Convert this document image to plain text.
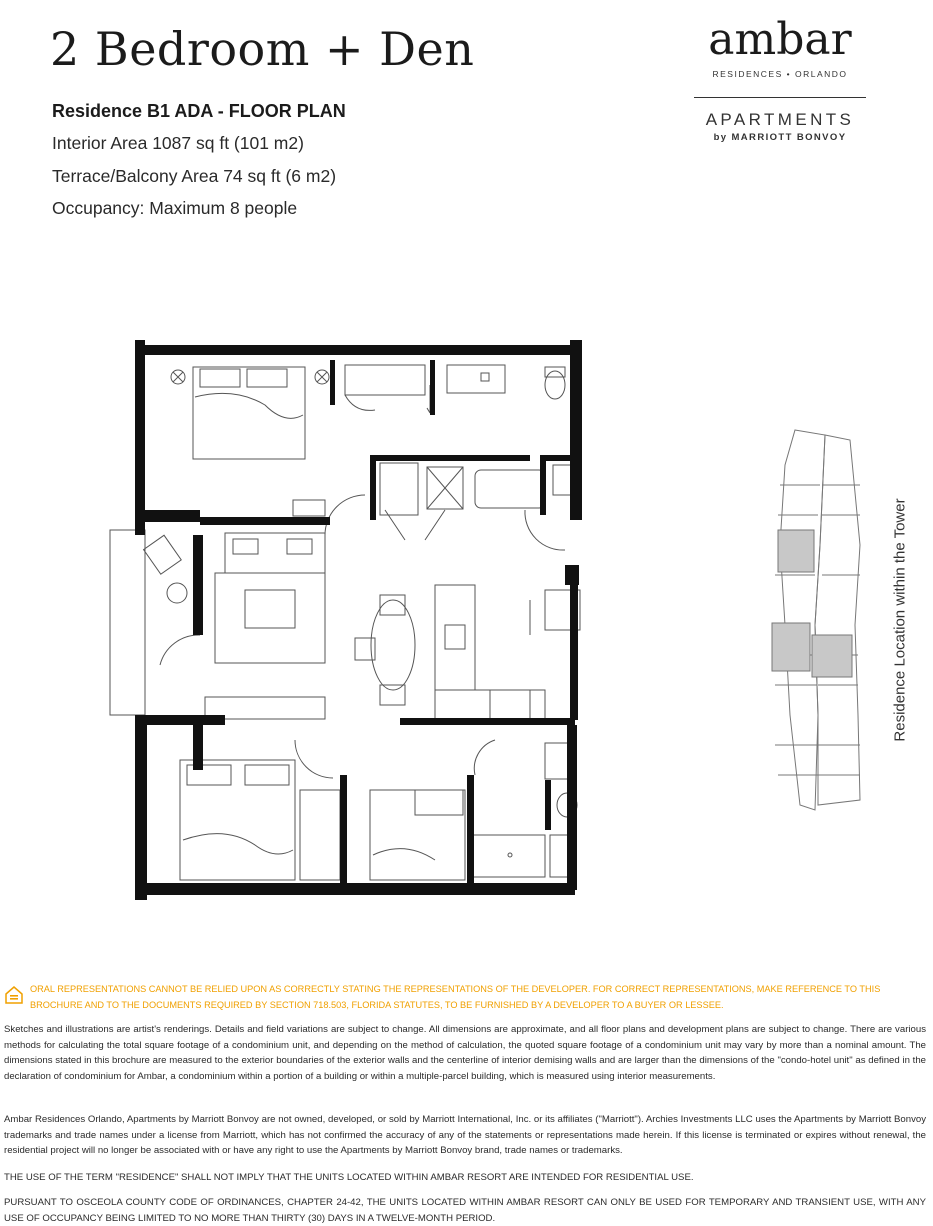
2 Bedroom + Den
Residence B1 ADA - FLOOR PLAN
Interior Area 1087 sq ft (101 m2)
Terrace/Balcony Area 74 sq ft (6 m2)
Occupancy: Maximum 8 people
ambar
RESIDENCES • ORLANDO
APARTMENTS
by MARRIOTT BONVOY
Residence Location within the Tower
ORAL REPRESENTATIONS CANNOT BE RELIED UPON AS CORRECTLY STATING THE REPRESENTATIONS OF THE DEVELOPER. FOR CORRECT REPRESENTATIONS, MAKE REFERENCE TO THIS BROCHURE AND TO THE DOCUMENTS REQUIRED BY SECTION 718.503, FLORIDA STATUTES, TO BE FURNISHED BY A DEVELOPER TO A BUYER OR LESSEE.
Sketches and illustrations are artist's renderings. Details and field variations are subject to change. All dimensions are approximate, and all floor plans and development plans are subject to change. There are various methods for calculating the total square footage of a condominium unit, and depending on the method of calculation, the quoted square footage of a condominium unit may vary by more than a nominal amount. The dimensions stated in this brochure are measured to the exterior boundaries of the exterior walls and the centerline of interior demising walls and are larger than the dimensions of the "condo-hotel unit" as defined in the declaration of condominium for Ambar, a condominium within a portion of a building or within a multiple-parcel building, which is measured using interior measurements.
Ambar Residences Orlando, Apartments by Marriott Bonvoy are not owned, developed, or sold by Marriott International, Inc. or its affiliates ("Marriott"). Archies Investments LLC uses the Apartments by Marriott Bonvoy trademarks and trade names under a license from Marriott, which has not confirmed the accuracy of any of the statements or representations made herein. If this license is terminated or expires without renewal, the residential project will no longer be associated with or have any right to use the Apartments by Marriott Bonvoy brand, trade names or trademarks.
THE USE OF THE TERM "RESIDENCE" SHALL NOT IMPLY THAT THE UNITS LOCATED WITHIN AMBAR RESORT ARE INTENDED FOR RESIDENTIAL USE.
PURSUANT TO OSCEOLA COUNTY CODE OF ORDINANCES, CHAPTER 24-42, THE UNITS LOCATED WITHIN AMBAR RESORT CAN ONLY BE USED FOR TEMPORARY AND TRANSIENT USE, WITH ANY USE OF OCCUPANCY BEING LIMITED TO NO MORE THAN THIRTY (30) DAYS IN A TWELVE-MONTH PERIOD.
